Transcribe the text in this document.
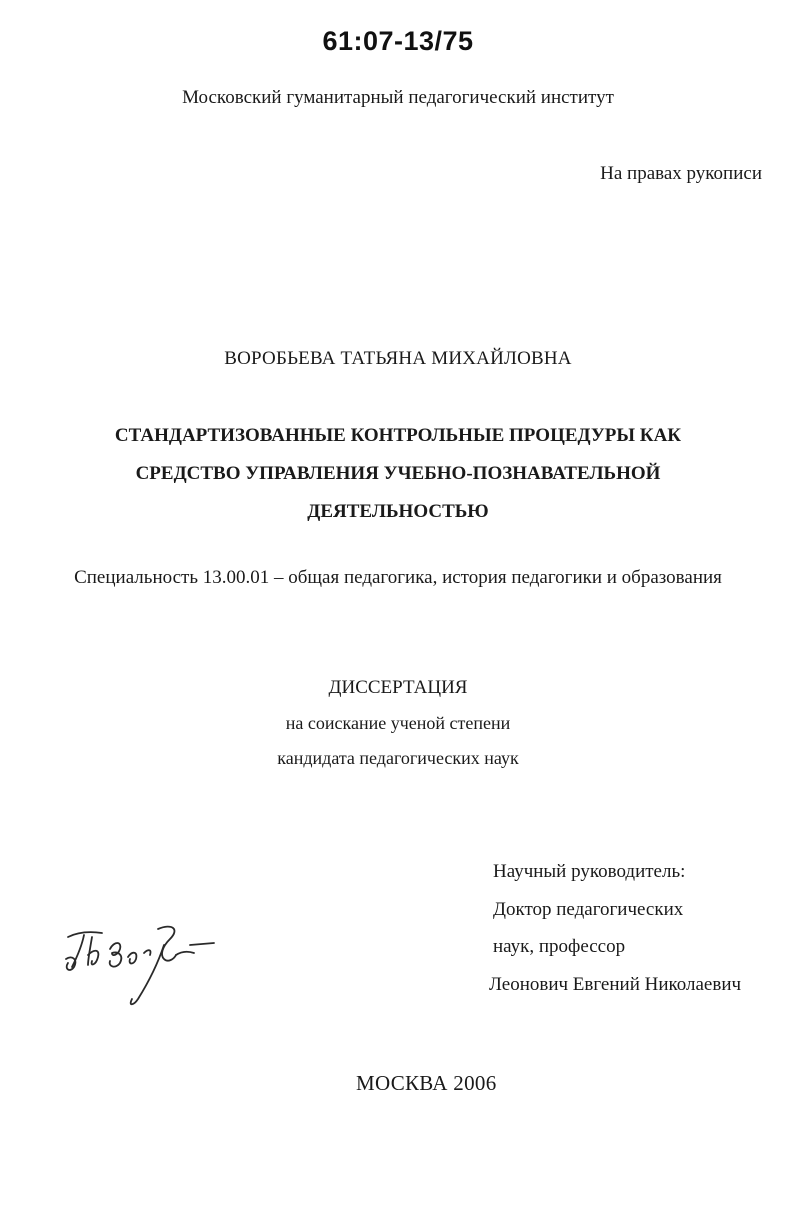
61:07-13/75
Московский гуманитарный педагогический институт
На правах рукописи
ВОРОБЬЕВА ТАТЬЯНА МИХАЙЛОВНА
СТАНДАРТИЗОВАННЫЕ КОНТРОЛЬНЫЕ ПРОЦЕДУРЫ КАК
СРЕДСТВО УПРАВЛЕНИЯ УЧЕБНО-ПОЗНАВАТЕЛЬНОЙ
ДЕЯТЕЛЬНОСТЬЮ
Специальность 13.00.01 – общая педагогика, история педагогики и образования
ДИССЕРТАЦИЯ
на соискание ученой степени
кандидата педагогических наук
Научный руководитель:
Доктор педагогических
наук, профессор
Леонович Евгений Николаевич
МОСКВА 2006
